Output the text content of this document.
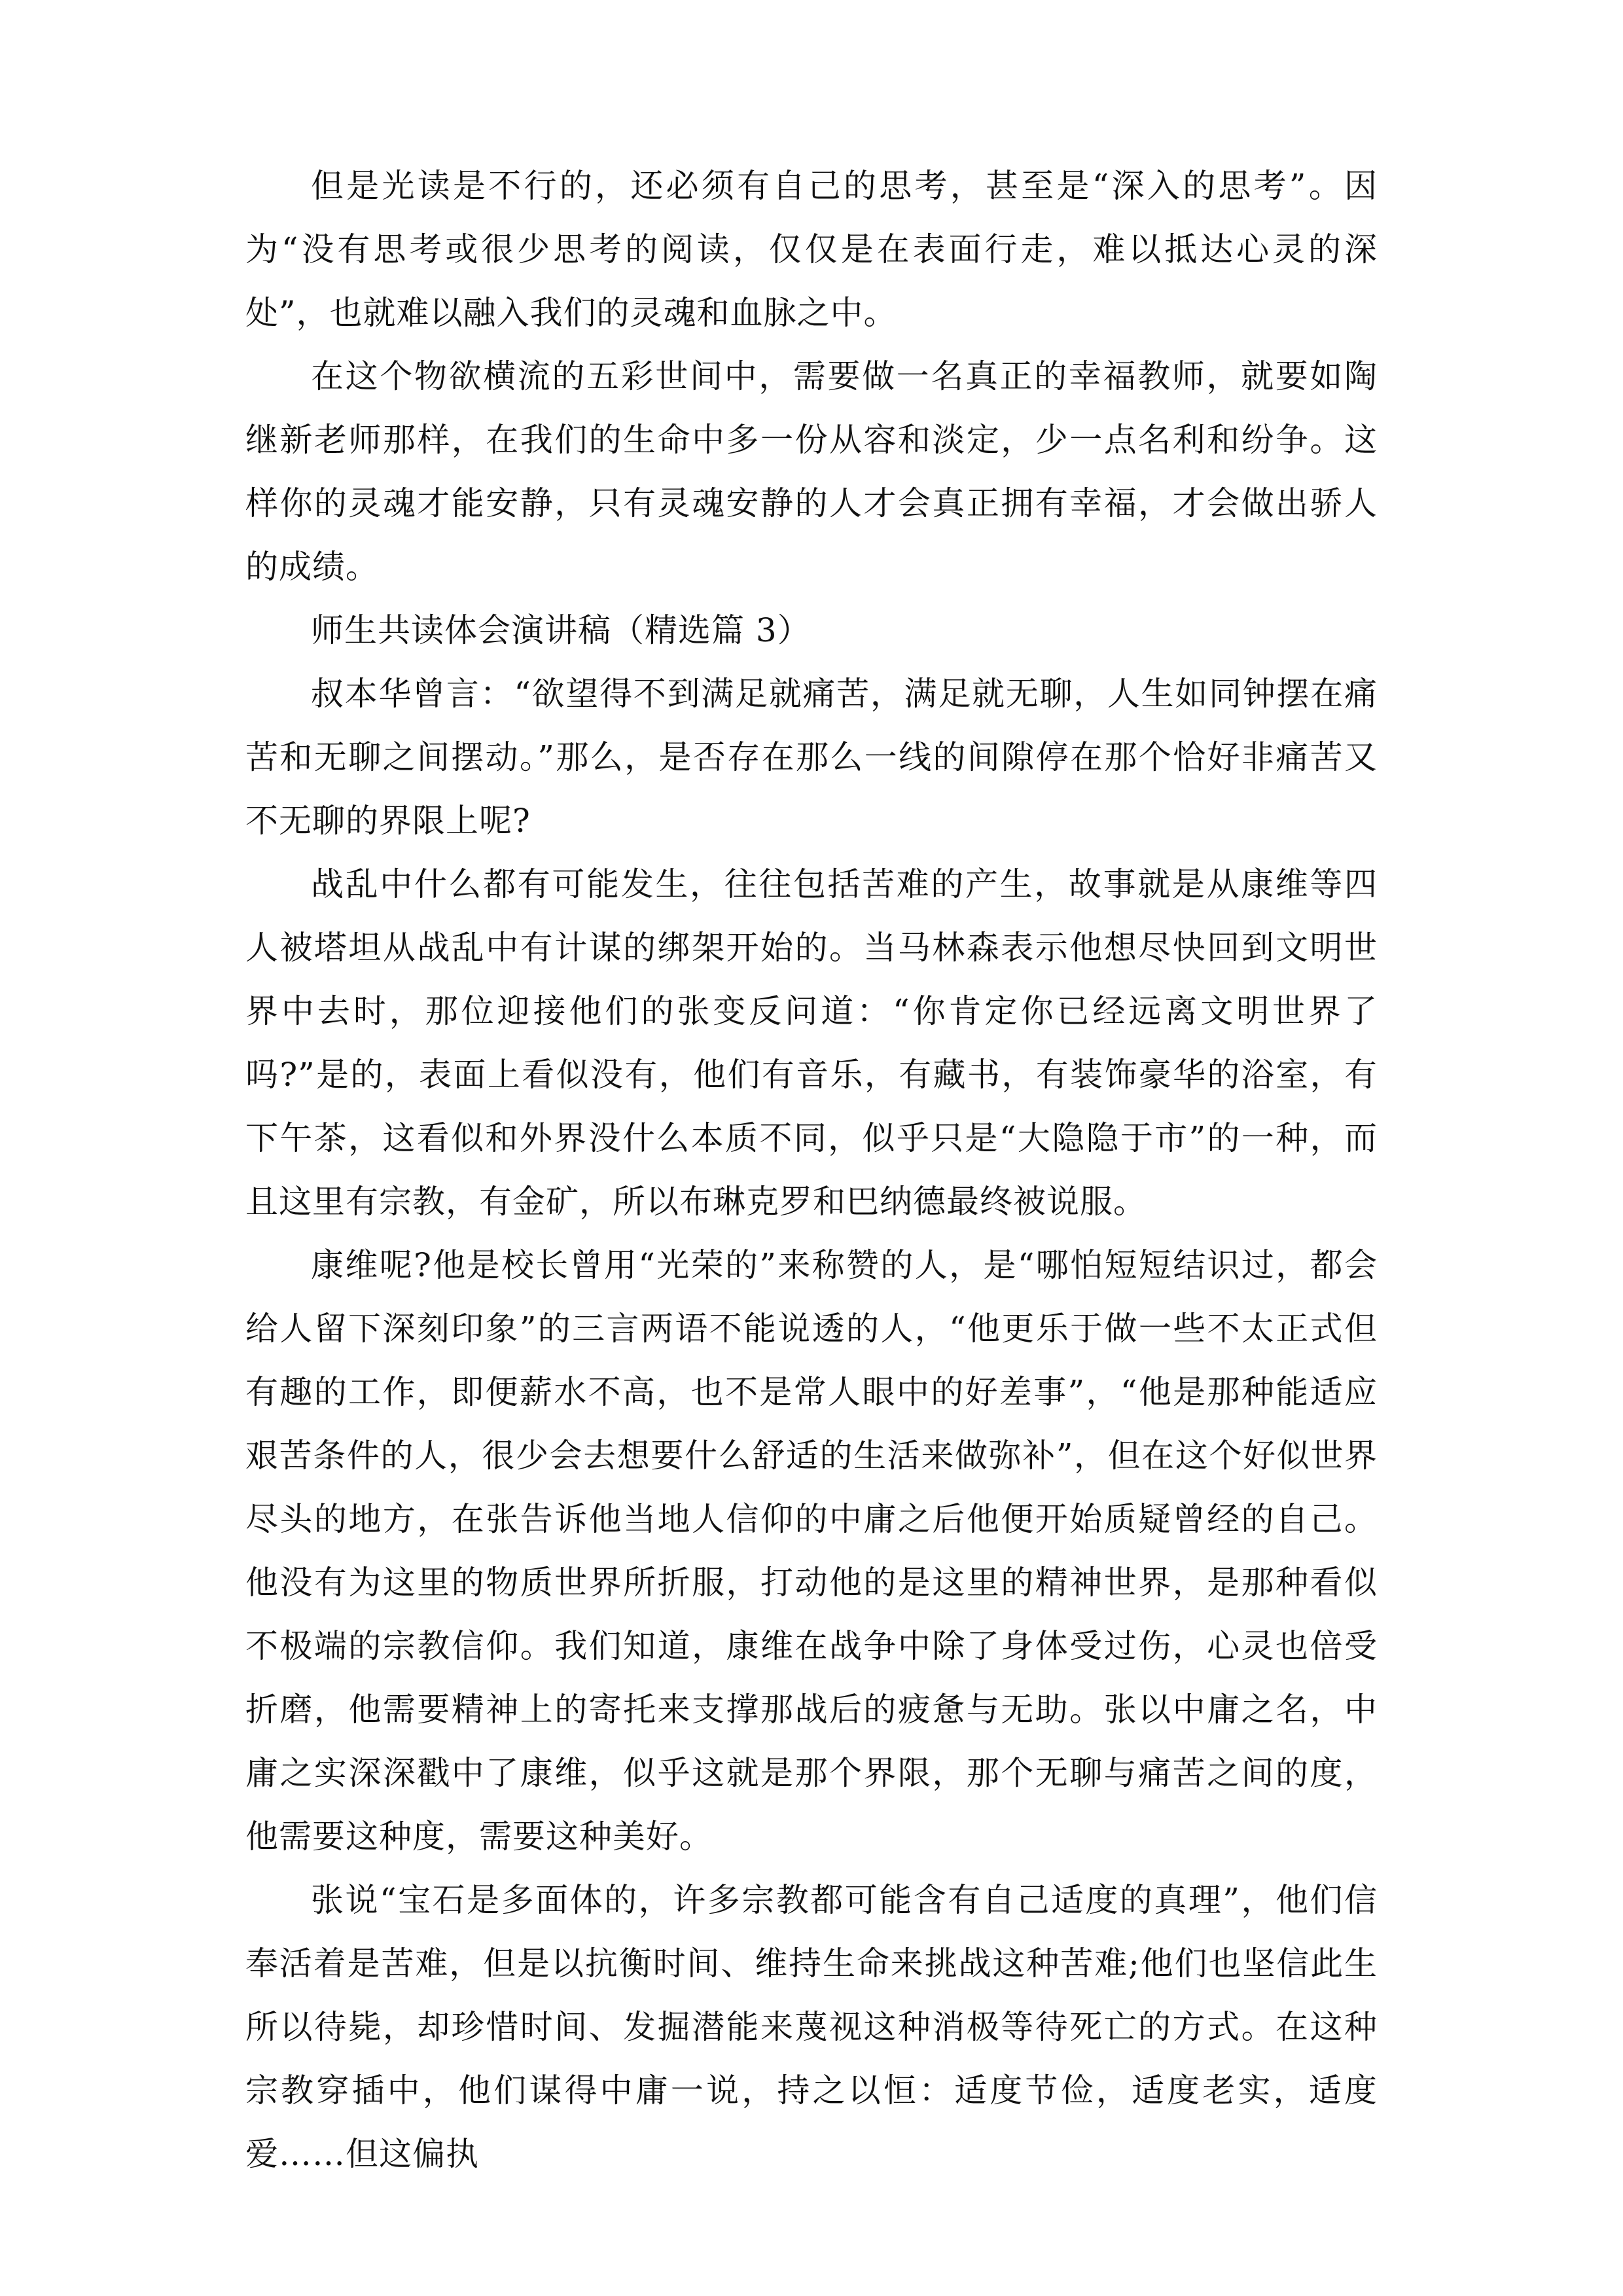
但是光读是不行的，还必须有自己的思考，甚至是“深入的思考”。因为“没有思考或很少思考的阅读，仅仅是在表面行走，难以抵达心灵的深处”，也就难以融入我们的灵魂和血脉之中。

在这个物欲横流的五彩世间中，需要做一名真正的幸福教师，就要如陶继新老师那样，在我们的生命中多一份从容和淡定，少一点名利和纷争。这样你的灵魂才能安静，只有灵魂安静的人才会真正拥有幸福，才会做出骄人的成绩。

师生共读体会演讲稿（精选篇 3）

叔本华曾言：“欲望得不到满足就痛苦，满足就无聊，人生如同钟摆在痛苦和无聊之间摆动。”那么，是否存在那么一线的间隙停在那个恰好非痛苦又不无聊的界限上呢?

战乱中什么都有可能发生，往往包括苦难的产生，故事就是从康维等四人被塔坦从战乱中有计谋的绑架开始的。当马林森表示他想尽快回到文明世界中去时，那位迎接他们的张变反问道：“你肯定你已经远离文明世界了吗?”是的，表面上看似没有，他们有音乐，有藏书，有装饰豪华的浴室，有下午茶，这看似和外界没什么本质不同，似乎只是“大隐隐于市”的一种，而且这里有宗教，有金矿，所以布琳克罗和巴纳德最终被说服。

康维呢?他是校长曾用“光荣的”来称赞的人，是“哪怕短短结识过，都会给人留下深刻印象”的三言两语不能说透的人，“他更乐于做一些不太正式但有趣的工作，即便薪水不高，也不是常人眼中的好差事”，“他是那种能适应艰苦条件的人，很少会去想要什么舒适的生活来做弥补”，但在这个好似世界尽头的地方，在张告诉他当地人信仰的中庸之后他便开始质疑曾经的自己。他没有为这里的物质世界所折服，打动他的是这里的精神世界，是那种看似不极端的宗教信仰。我们知道，康维在战争中除了身体受过伤，心灵也倍受折磨，他需要精神上的寄托来支撑那战后的疲惫与无助。张以中庸之名，中庸之实深深戳中了康维，似乎这就是那个界限，那个无聊与痛苦之间的度，他需要这种度，需要这种美好。

张说“宝石是多面体的，许多宗教都可能含有自己适度的真理”，他们信奉活着是苦难，但是以抗衡时间、维持生命来挑战这种苦难;他们也坚信此生所以待毙，却珍惜时间、发掘潜能来蔑视这种消极等待死亡的方式。在这种宗教穿插中，他们谋得中庸一说，持之以恒：适度节俭，适度老实，适度爱……但这偏执
